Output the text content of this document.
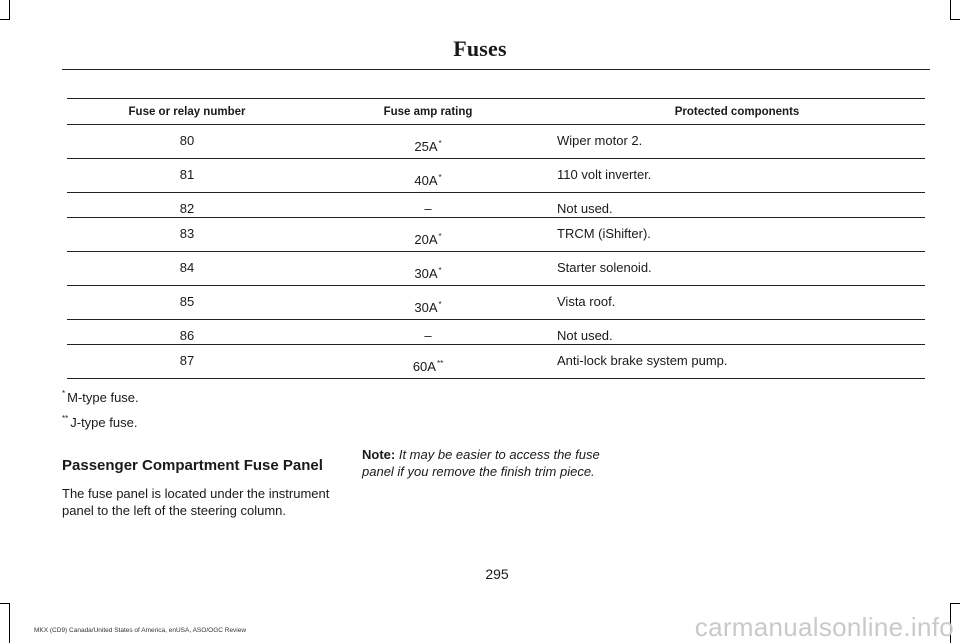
Fuses
Fuse or relay number	Fuse amp rating	Protected components
80	25A*	Wiper motor 2.
81	40A*	110 volt inverter.
82	–	Not used.
83	20A*	TRCM (iShifter).
84	30A*	Starter solenoid.
85	30A*	Vista roof.
86	–	Not used.
87	60A**	Anti-lock brake system pump.
* M-type fuse.
** J-type fuse.
Passenger Compartment Fuse Panel
The fuse panel is located under the instrument panel to the left of the steering column.
Note: It may be easier to access the fuse panel if you remove the finish trim piece.
295
MKX (CD9) Canada/United States of America, enUSA, ASO/OGC Review	carmanualsonline.info
